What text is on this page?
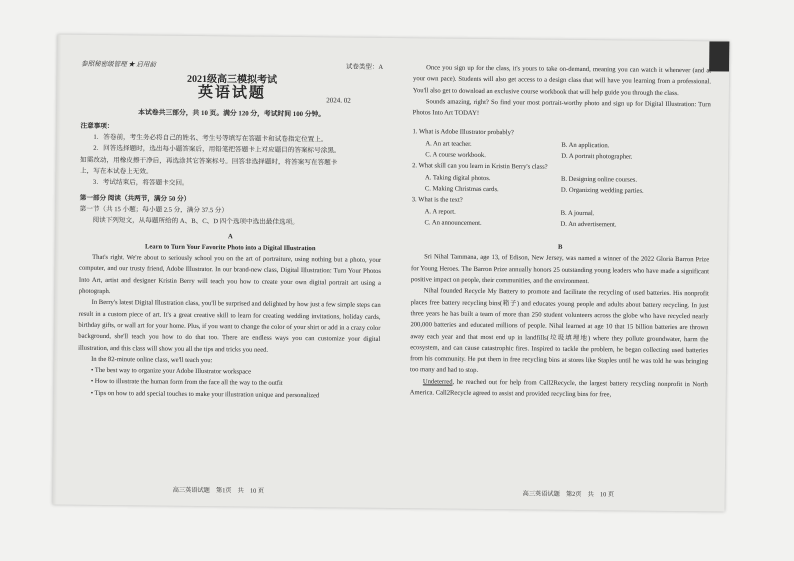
参照秘密级管理 ★ 启用前	试卷类型：A
2021级高三模拟考试
英语试题	2024. 02
本试卷共三部分，共 10 页。满分 120 分，考试时间 100 分钟。

注意事项：

1．答卷前，考生务必将自己的姓名、考生号等填写在答题卡和试卷指定位置上。

2．回答选择题时，选出每小题答案后，用铅笔把答题卡上对应题目的答案标号涂黑。

如需改动，用橡皮擦干净后，再选涂其它答案标号。回答非选择题时，将答案写在答题卡

上，写在本试卷上无效。

3．考试结束后，将答题卡交回。

第一部分 阅读（共两节，满分 50 分）

第一节（共 15 小题；每小题 2.5 分，满分 37.5 分）

阅读下列短文，从每题所给的 A、B、C、D 四个选项中选出最佳选项。

A

Learn to Turn Your Favorite Photo into a Digital Illustration

That's right. We're about to seriously school you on the art of portraiture, using nothing but a photo, your computer, and our trusty friend, Adobe Illustrator. In our brand-new class, Digital Illustration: Turn Your Photos Into Art, artist and designer Kristin Berry will teach you how to create your own digital portrait art using a photograph.

In Berry's latest Digital Illustration class, you'll be surprised and delighted by how just a few simple steps can result in a custom piece of art. It's a great creative skill to learn for creating wedding invitations, holiday cards, birthday gifts, or wall art for your home. Plus, if you want to change the color of your shirt or add in a crazy color background, she'll teach you how to do that too. There are endless ways you can customize your digital illustration, and this class will show you all the tips and tricks you need.

In the 82-minute online class, we'll teach you:

• The best way to organize your Adobe Illustrator workspace

• How to illustrate the human form from the face all the way to the outfit

• Tips on how to add special touches to make your illustration unique and personalized

高三英语试题　第1页　共　10 页

Once you sign up for the class, it's yours to take on-demand, meaning you can watch it whenever (and at your own pace). Students will also get access to a design class that will have you learning from a professional. You'll also get to download an exclusive course workbook that will help guide you through the class.

Sounds amazing, right? So find your most portrait-worthy photo and sign up for Digital Illustration: Turn Photos Into Art TODAY!

1. What is Adobe Illustrator probably?

A. An art teacher.	B. An application.
C. A course workbook.	D. A portrait photographer.

2. What skill can you learn in Kristin Berry's class?

A. Taking digital photos.	B. Designing online courses.
C. Making Christmas cards.	D. Organizing wedding parties.

3. What is the text?

A. A report.	B. A journal.
C. An announcement.	D. An advertisement.

B

Sri Nihal Tammana, age 13, of Edison, New Jersey, was named a winner of the 2022 Gloria Barron Prize for Young Heroes. The Barron Prize annually honors 25 outstanding young leaders who have made a significant positive impact on people, their communities, and the environment.

Nihal founded Recycle My Battery to promote and facilitate the recycling of used batteries. His nonprofit places free battery recycling bins(箱子) and educates young people and adults about battery recycling. In just three years he has built a team of more than 250 student volunteers across the globe who have recycled nearly 200,000 batteries and educated millions of people. Nihal learned at age 10 that 15 billion batteries are thrown away each year and that most end up in landfills(垃圾填埋地) where they pollute groundwater, harm the ecosystem, and can cause catastrophic fires. Inspired to tackle the problem, he began collecting used batteries from his community. He put them in free recycling bins at stores like Staples until he was told he was bringing too many and had to stop.

Undeterred, he reached out for help from Call2Recycle, the largest battery recycling nonprofit in North America. Call2Recycle agreed to assist and provided recycling bins for free,

高三英语试题　第2页　共　10 页
